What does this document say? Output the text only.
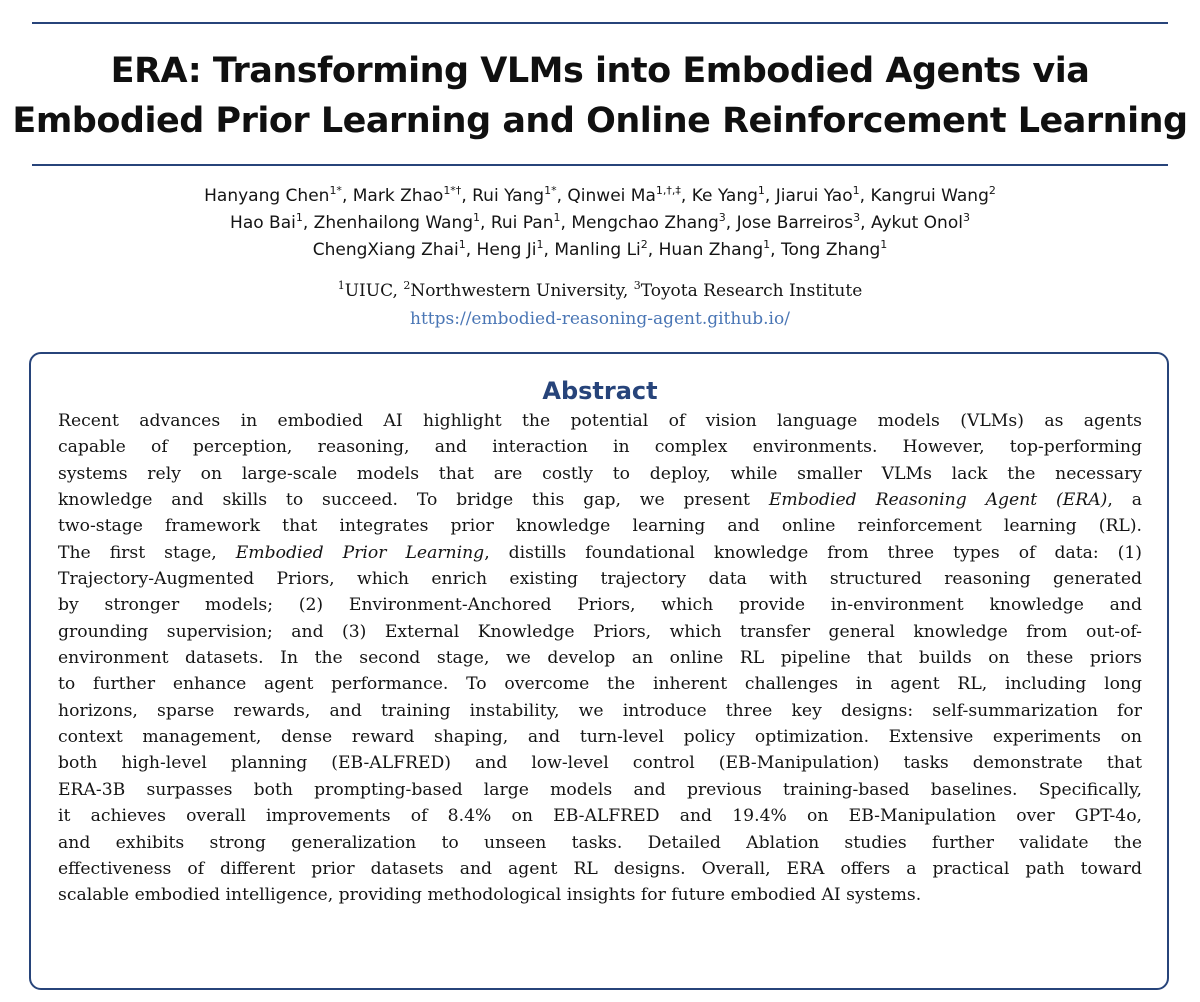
ERA: Transforming VLMs into Embodied Agents via
Embodied Prior Learning and Online Reinforcement Learning
Hanyang Chen$^{1*}$, Mark Zhao$^{1*\dagger}$, Rui Yang$^{1*}$, Qinwei $Ma^{1,\dagger,\ddagger}$, Ke Yang$^1$, Jiarui Yao$^1$, Kangrui Wang$^2$
Hao Bai$^1$, Zhenhailong Wang$^1$, Rui Pan$^1$, Mengchao Zhang$^3$, Jose Barreiros$^3$, Aykut Onol$^3$
ChengXiang Zhai$^1$, Heng Ji$^1$, Manling Li$^2$, Huan Zhang$^1$, Tong Zhang$^1$
$^1$UIUC, $^2$Northwestern University, $^3$Toyota Research Institute
https://embodied-reasoning-agent.github.io/
Abstract
Recent advances in embodied AI highlight the potential of vision language models (VLMs) as agents
capable of perception, reasoning, and interaction in complex environments. However, top-performing
systems rely on large-scale models that are costly to deploy, while smaller VLMs lack the necessary
knowledge and skills to succeed. To bridge this gap, we present Embodied Reasoning Agent (ERA), a
two-stage framework that integrates prior knowledge learning and online reinforcement learning (RL).
The first stage, Embodied Prior Learning, distills foundational knowledge from three types of data: (1)
Trajectory-Augmented Priors, which enrich existing trajectory data with structured reasoning generated
by stronger models; (2) Environment-Anchored Priors, which provide in-environment knowledge and
grounding supervision; and (3) External Knowledge Priors, which transfer general knowledge from out-of-
environment datasets. In the second stage, we develop an online RL pipeline that builds on these priors
to further enhance agent performance. To overcome the inherent challenges in agent RL, including long
horizons, sparse rewards, and training instability, we introduce three key designs: self-summarization for
context management, dense reward shaping, and turn-level policy optimization. Extensive experiments on
both high-level planning (EB-ALFRED) and low-level control (EB-Manipulation) tasks demonstrate that
ERA-3B surpasses both prompting-based large models and previous training-based baselines. Specifically,
it achieves overall improvements of 8.4% on EB-ALFRED and 19.4% on EB-Manipulation over GPT-4o,
and exhibits strong generalization to unseen tasks. Detailed Ablation studies further validate the
effectiveness of different prior datasets and agent RL designs. Overall, ERA offers a practical path toward
scalable embodied intelligence, providing methodological insights for future embodied AI systems.
